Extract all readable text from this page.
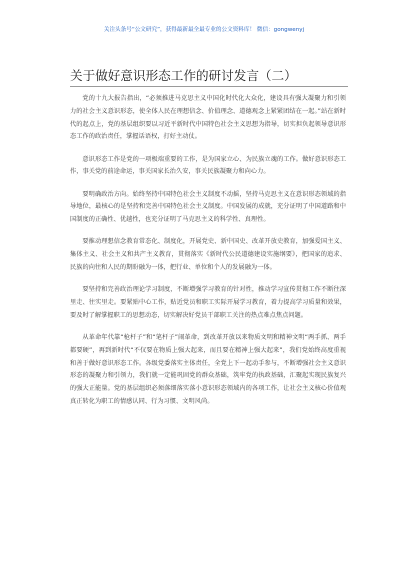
关注头条号“公文研究”，获得最新最全最专业的公文资料库！ 微信：gongwenyj
关于做好意识形态工作的研讨发言（二）

党的十九大报告指出，“必须推进马克思主义中国化时代化大众化，建设具有强大凝聚力和引领力的社会主义意识形态，使全体人民在理想信念、价值理念、道德观念上紧紧团结在一起。”站在新时代的起点上，党的基层组织要以习近平新时代中国特色社会主义思想为指导，切实担负起领导意识形态工作的政治责任，掌握话语权，打好主动仗。

意识形态工作是党的一项极端重要的工作，是为国家立心、为民族立魂的工作。做好意识形态工作，事关党的前途命运，事关国家长治久安，事关民族凝聚力和向心力。

要明确政治方向。始终坚持中国特色社会主义制度不动摇，坚持马克思主义在意识形态领域的指导地位，最核心的是坚持和完善中国特色社会主义制度。中国发展的成就，充分证明了中国道路和中国制度的正确性、优越性，也充分证明了马克思主义的科学性、真理性。

要推动理想信念教育常态化、制度化，开展党史、新中国史、改革开放史教育，加强爱国主义、集体主义、社会主义和共产主义教育，贯彻落实《新时代公民道德建设实施纲要》，把国家的追求、民族的向往和人民的期盼融为一体，把行业、单位和个人的发展融为一体。

要坚持和完善政治理论学习制度，不断增强学习教育的针对性，推动学习宣传贯彻工作不断往深里走、往实里走。要紧贴中心工作，贴近党员和职工实际开展学习教育，着力提高学习质量和效果，要及时了解掌握职工的思想动态，切实解决好党员干部职工关注的热点难点焦点问题。

从革命年代靠“枪杆子”和“笔杆子”闹革命，到改革开放以来物质文明和精神文明“两手抓、两手都要硬”，再到新时代“不仅要在物质上强大起来，而且要在精神上强大起来”，我们党始终高度重视和善于做好意识形态工作。各级党委落实主体责任，全党上下一起动手参与，不断增强社会主义意识形态的凝聚力和引领力，我们就一定能巩固党的群众基础，筑牢党的执政基础，汇聚起实现民族复兴的强大正能量。党的基层组织必须落细落实落小意识形态领域内的各项工作，让社会主义核心价值观真正转化为职工的情感认同、行为习惯、文明风尚。
